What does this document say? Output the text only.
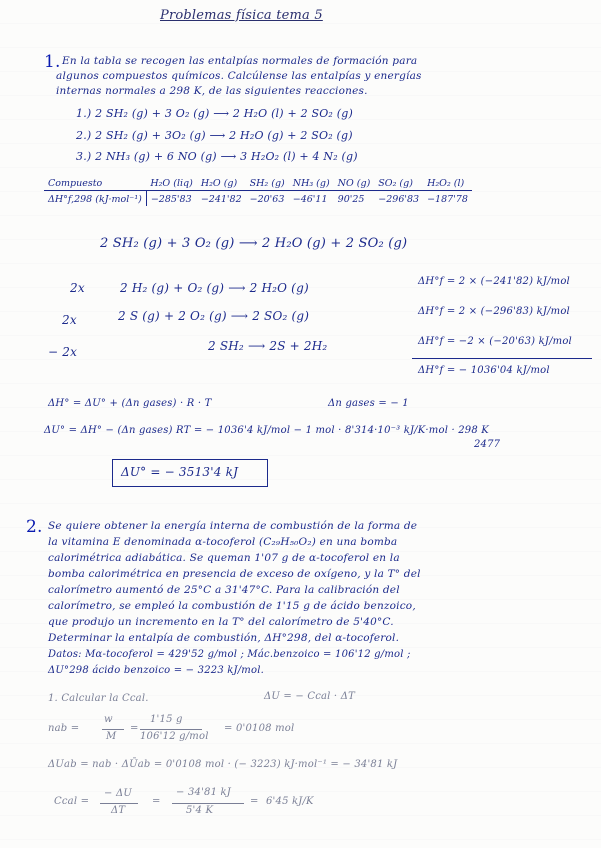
Problemas física tema 5
1. En la tabla se recogen las entalpías normales de formación para
algunos compuestos químicos. Calcúlense las entalpías y energías
internas normales a 298 K, de las siguientes reacciones.
1.) 2 SH₂ (g) + 3 O₂ (g) ⟶ 2 H₂O (l) + 2 SO₂ (g)
2.) 2 SH₂ (g) + 3O₂ (g) ⟶ 2 H₂O (g) + 2 SO₂ (g)
3.) 2 NH₃ (g) + 6 NO (g) ⟶ 3 H₂O₂ (l) + 4 N₂ (g)
Compuesto	H₂O (liq)	H₂O (g)	SH₂ (g)	NH₃ (g)	NO (g)	SO₂ (g)	H₂O₂ (l)
ΔH°f,298 (kJ·mol⁻¹)	−285'83	−241'82	−20'63	−46'11	90'25	−296'83	−187'78
2 SH₂ (g) + 3 O₂ (g) ⟶ 2 H₂O (g) + 2 SO₂ (g)
2x	2 H₂ (g) + O₂ (g) ⟶ 2 H₂O (g)	ΔH°f = 2 × (−241'82) kJ/mol
2x	2 S (g) + 2 O₂ (g) ⟶ 2 SO₂ (g)	ΔH°f = 2 × (−296'83) kJ/mol
− 2x	2 SH₂ ⟶ 2S + 2H₂	ΔH°f = −2 × (−20'63) kJ/mol
ΔH°f = − 1036'04 kJ/mol
ΔH° = ΔU° + (Δn gases) · R · T	Δn gases = − 1
ΔU° = ΔH° − (Δn gases) RT = − 1036'4 kJ/mol − 1 mol · 8'314·10⁻³ kJ/K·mol · 298 K
2477
ΔU° = − 3513'4 kJ
2. Se quiere obtener la energía interna de combustión de la forma de
la vitamina E denominada α-tocoferol (C₂₉H₅₀O₂) en una bomba
calorimétrica adiabática. Se queman 1'07 g de α-tocoferol en la
bomba calorimétrica en presencia de exceso de oxígeno, y la T° del
calorímetro aumentó de 25°C a 31'47°C. Para la calibración del
calorímetro, se empleó la combustión de 1'15 g de ácido benzoico,
que produjo un incremento en la T° del calorímetro de 5'40°C.
Determinar la entalpía de combustión, ΔH°298, del α-tocoferol.
Datos: Mα-tocoferol = 429'52 g/mol ; Mác.benzoico = 106'12 g/mol ;
ΔU°298 ácido benzoico = − 3223 kJ/mol.
1. Calcular la Ccal.	ΔU = − Ccal · ΔT
nab =
w
M
=
1'15 g
106'12 g/mol
= 0'0108 mol
ΔUab = nab · ΔŪab = 0'0108 mol · (− 3223) kJ·mol⁻¹ = − 34'81 kJ
Ccal =
− ΔU
ΔT
=
− 34'81 kJ
5'4 K
= 6'45 kJ/K
